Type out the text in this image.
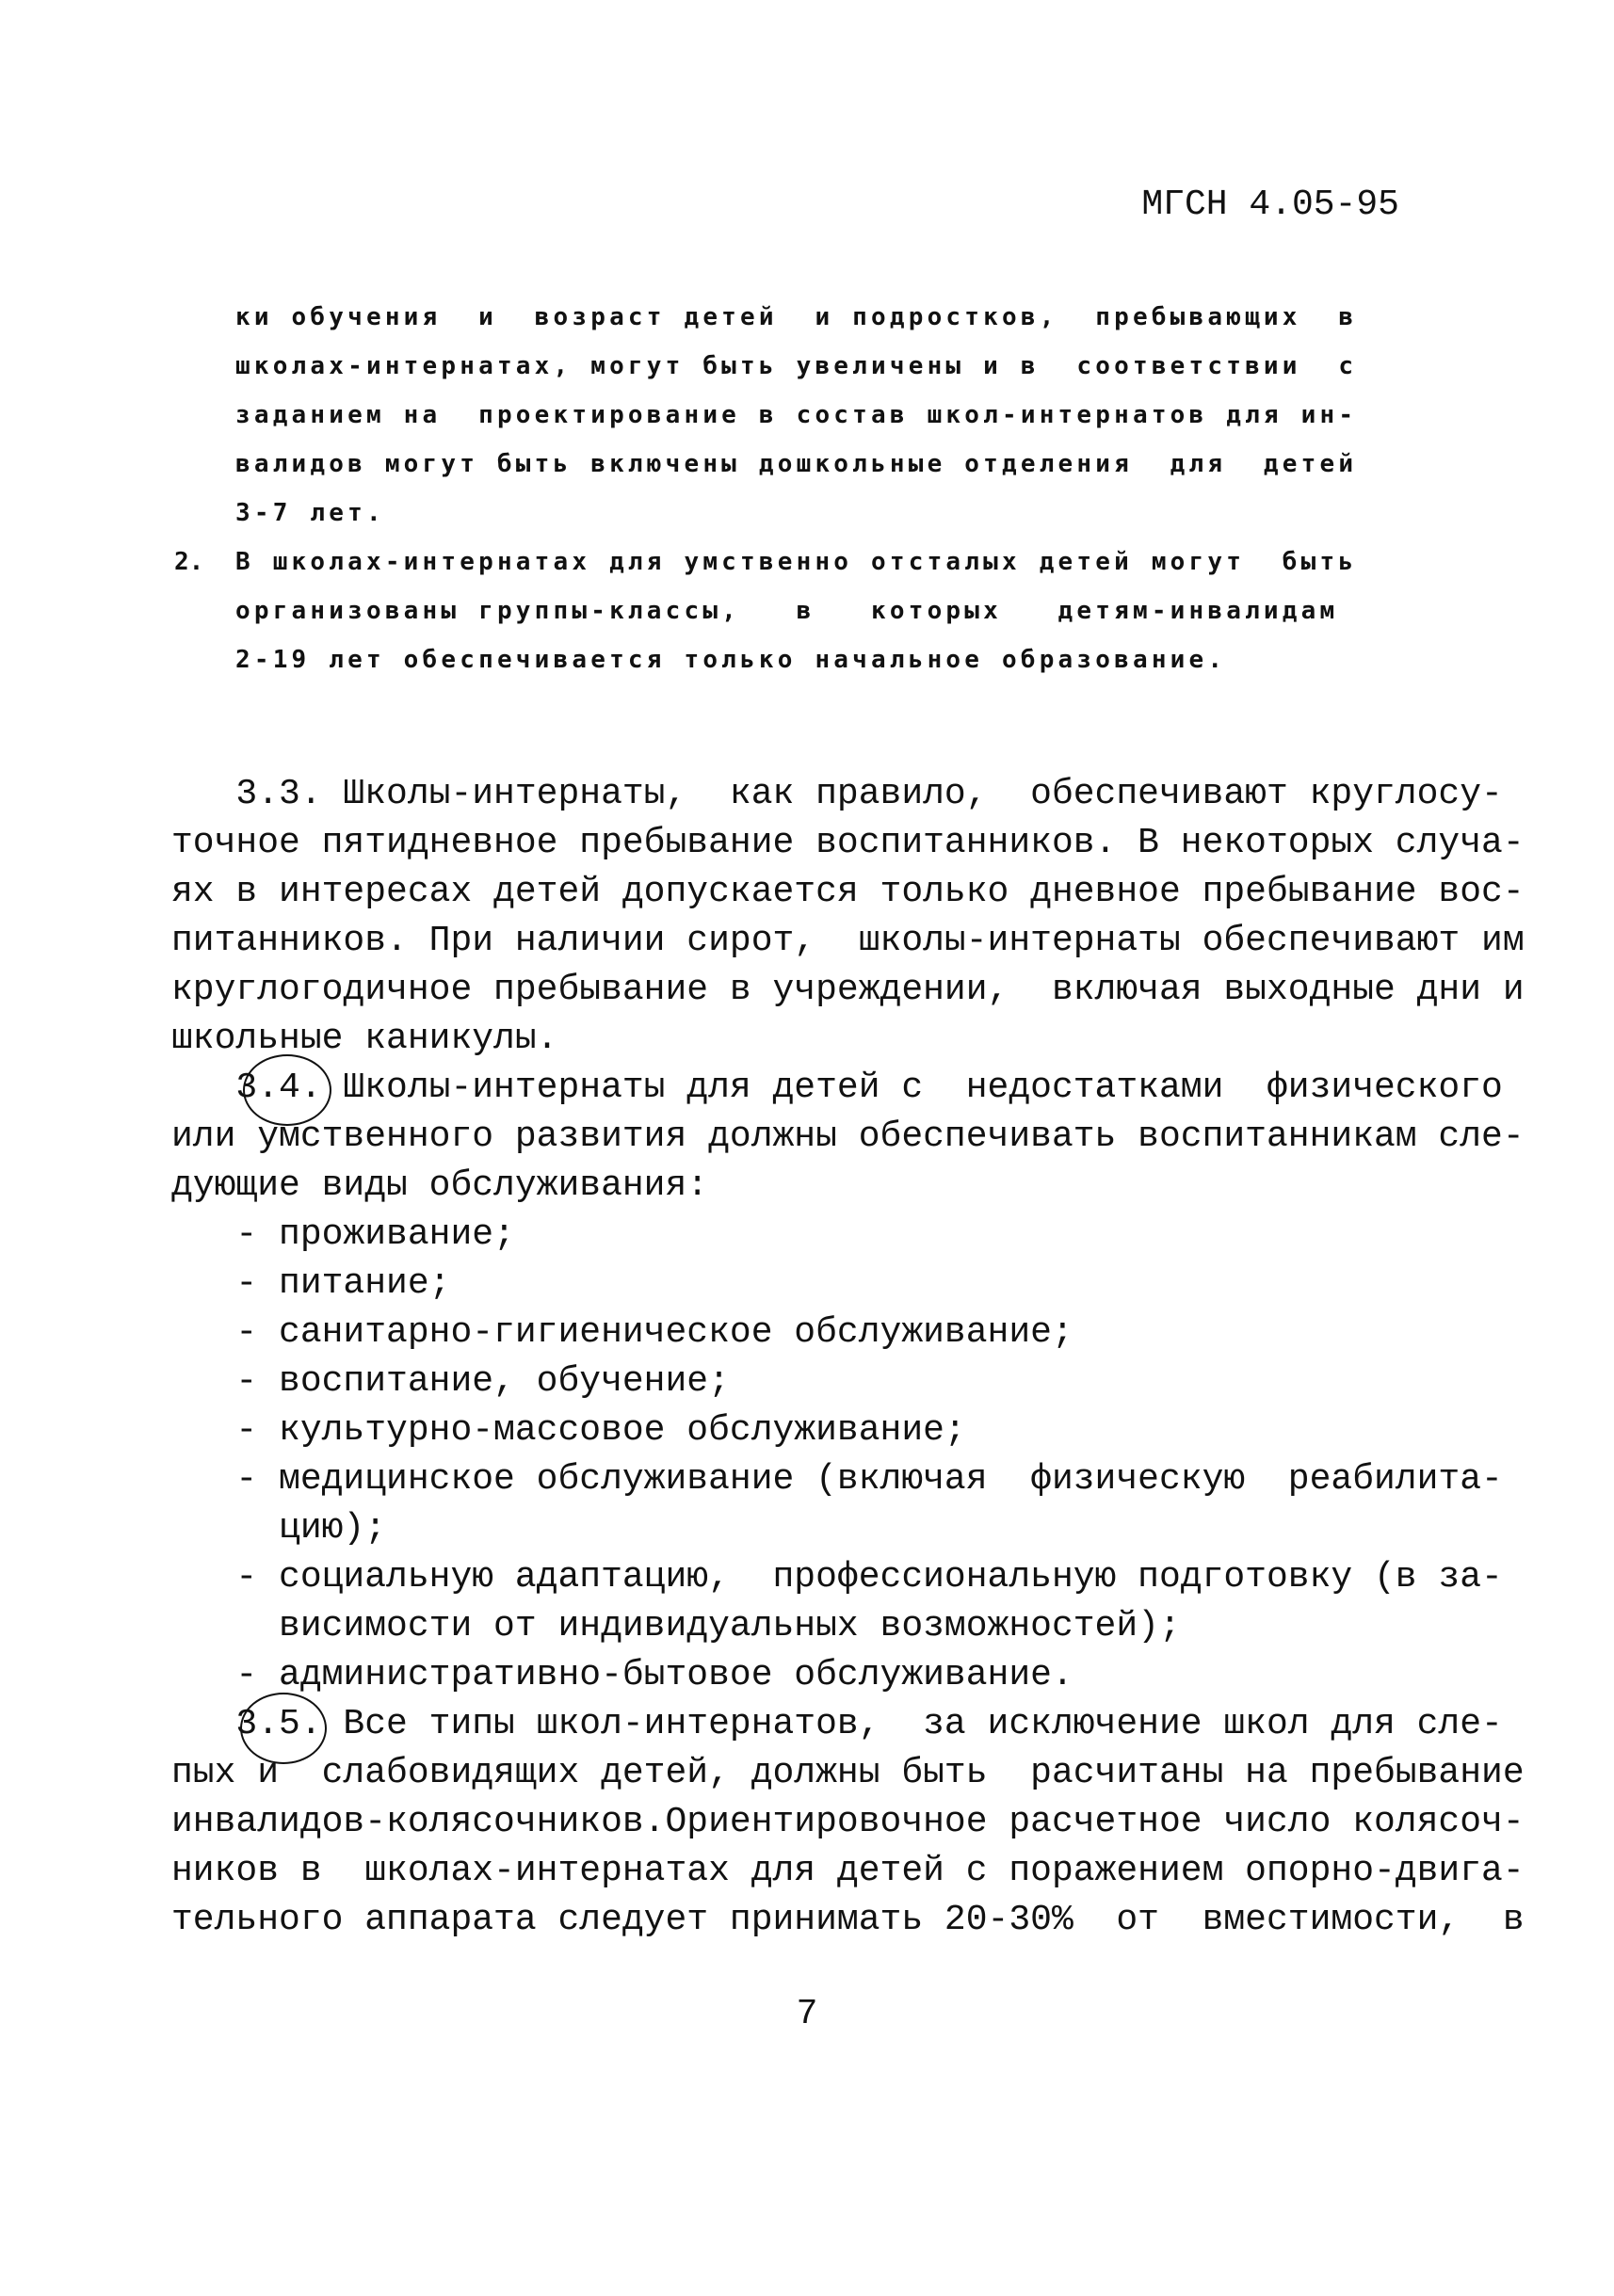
МГСН 4.05-95
ки обучения  и  возраст детей  и подростков,  пребывающих  в
школах-интернатах, могут быть увеличены и в  соответствии  с
заданием на  проектирование в состав школ-интернатов для ин-
валидов могут быть включены дошкольные отделения  для  детей
3-7 лет.
2. В школах-интернатах для умственно отсталых детей могут  быть
организованы группы-классы,   в   которых   детям-инвалидам
2-19 лет обеспечивается только начальное образование.
3.3. Школы-интернаты,  как правило,  обеспечивают круглосу-
точное пятидневное пребывание воспитанников. В некоторых случа-
ях в интересах детей допускается только дневное пребывание вос-
питанников. При наличии сирот,  школы-интернаты обеспечивают им
круглогодичное пребывание в учреждении,  включая выходные дни и
школьные каникулы.
3.4. Школы-интернаты для детей с  недостатками  физического
или умственного развития должны обеспечивать воспитанникам сле-
дующие виды обслуживания:
- проживание;
- питание;
- санитарно-гигиеническое обслуживание;
- воспитание, обучение;
- культурно-массовое обслуживание;
- медицинское обслуживание (включая  физическую  реабилита-
цию);
- социальную адаптацию,  профессиональную подготовку (в за-
висимости от индивидуальных возможностей);
- административно-бытовое обслуживание.
3.5. Все типы школ-интернатов,  за исключение школ для сле-
пых и  слабовидящих детей, должны быть  расчитаны на пребывание
инвалидов-колясочников.Ориентировочное расчетное число колясоч-
ников в  школах-интернатах для детей с поражением опорно-двига-
тельного аппарата следует принимать 20-30%  от  вместимости,  в
7
